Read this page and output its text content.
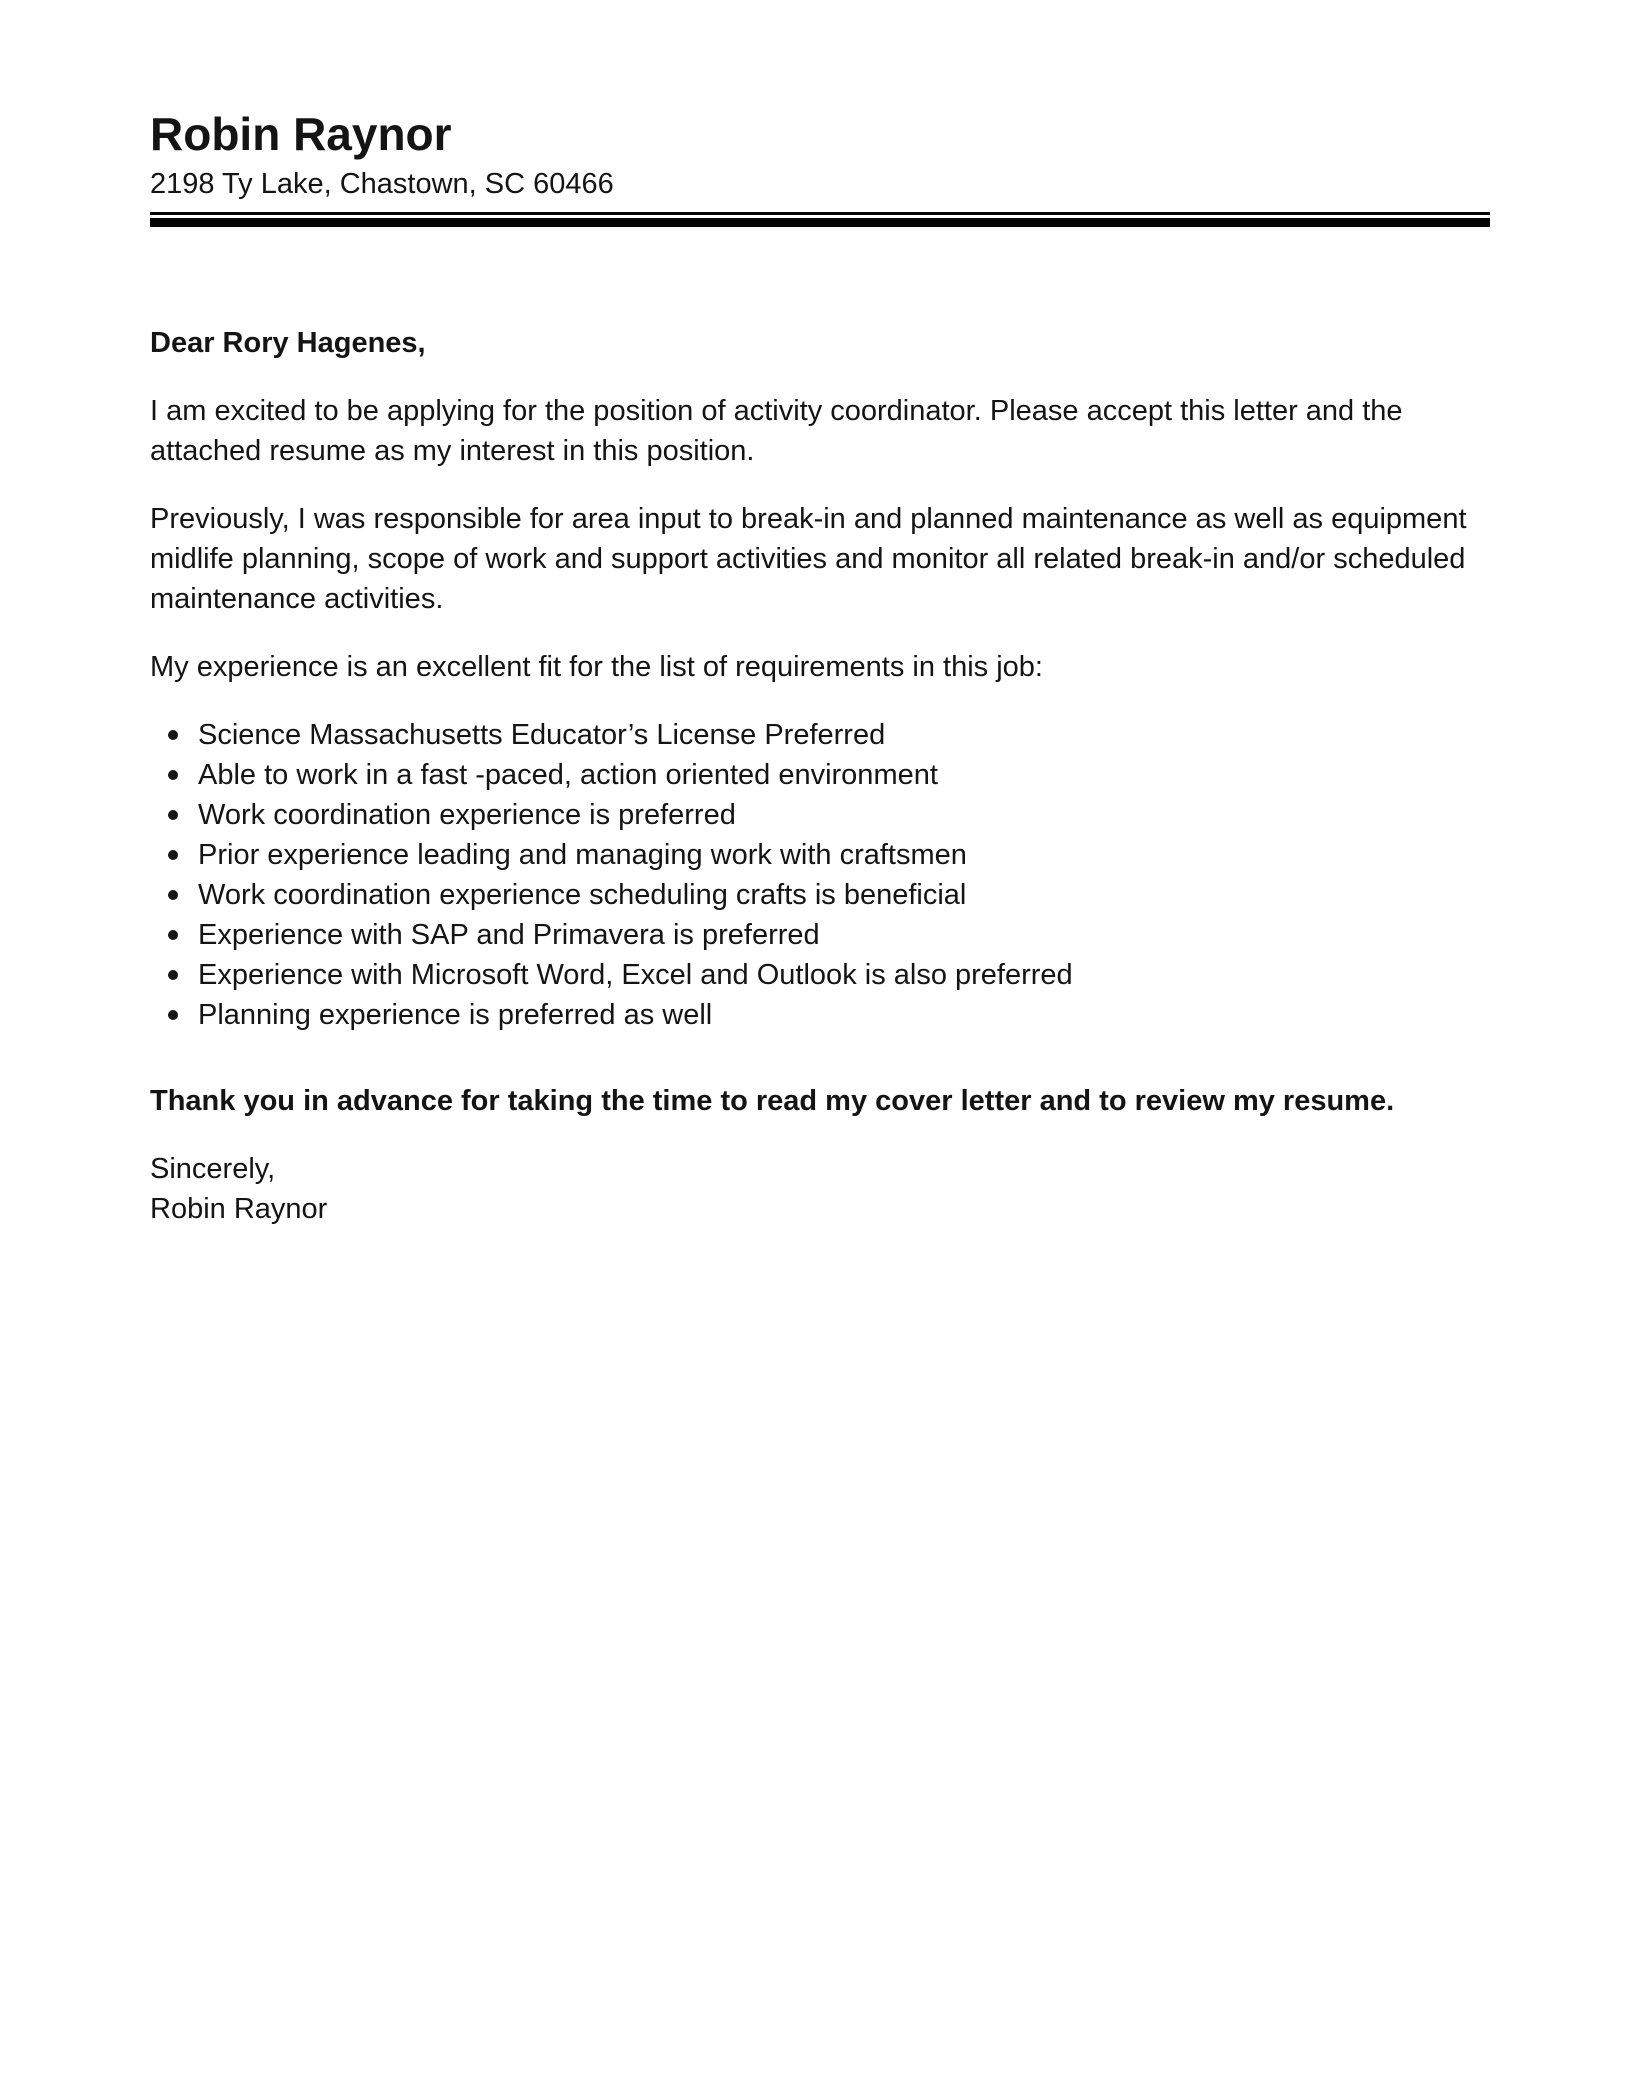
Robin Raynor

2198 Ty Lake, Chastown, SC 60466

Dear Rory Hagenes,

I am excited to be applying for the position of activity coordinator. Please accept this letter and the attached resume as my interest in this position.

Previously, I was responsible for area input to break-in and planned maintenance as well as equipment midlife planning, scope of work and support activities and monitor all related break-in and/or scheduled maintenance activities.

My experience is an excellent fit for the list of requirements in this job:

Science Massachusetts Educator’s License Preferred
Able to work in a fast -paced, action oriented environment
Work coordination experience is preferred
Prior experience leading and managing work with craftsmen
Work coordination experience scheduling crafts is beneficial
Experience with SAP and Primavera is preferred
Experience with Microsoft Word, Excel and Outlook is also preferred
Planning experience is preferred as well

Thank you in advance for taking the time to read my cover letter and to review my resume.

Sincerely,

Robin Raynor
